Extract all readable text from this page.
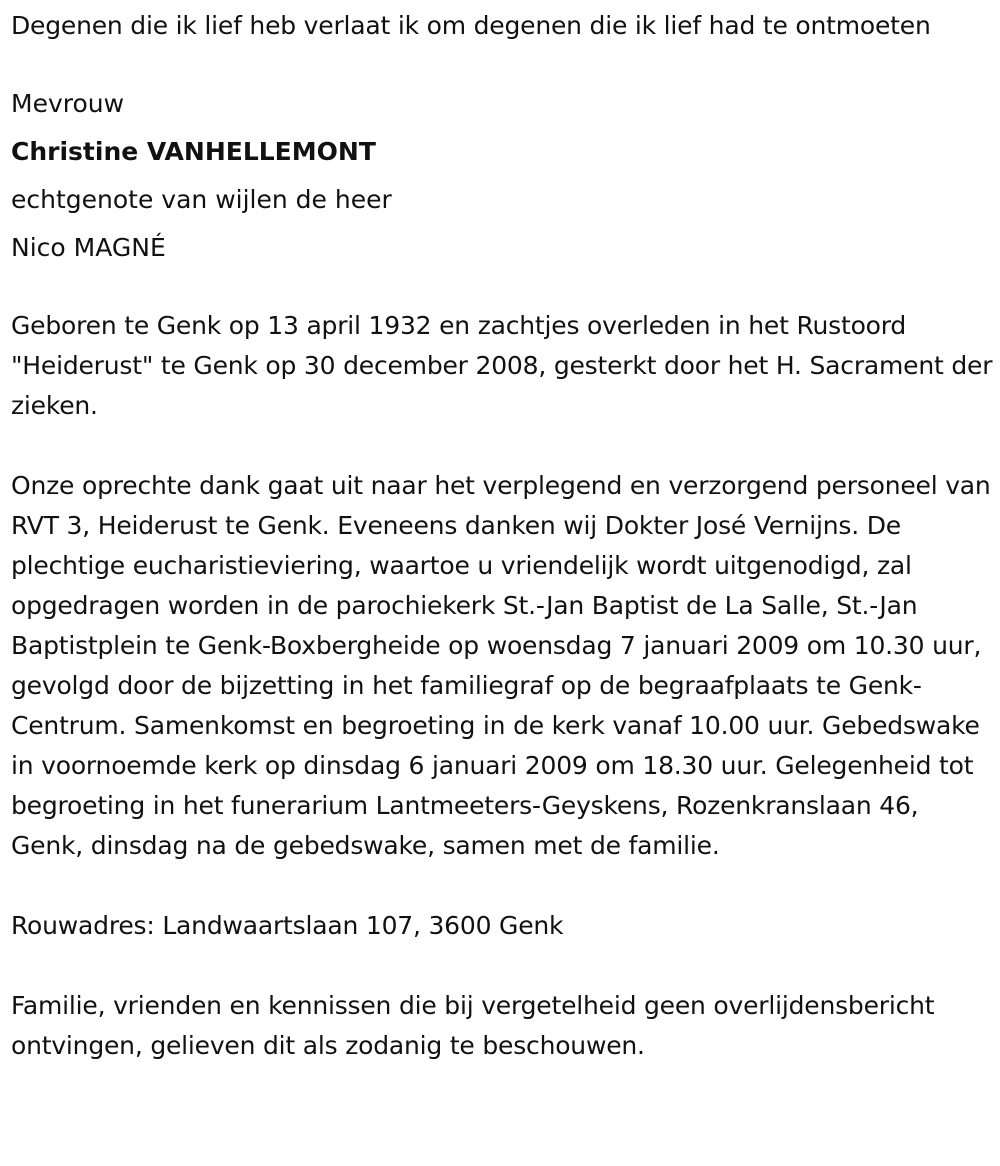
Degenen die ik lief heb verlaat ik om degenen die ik lief had te ontmoeten

Mevrouw

Christine VANHELLEMONT

echtgenote van wijlen de heer

Nico MAGNÉ

Geboren te Genk op 13 april 1932 en zachtjes overleden in het Rustoord "Heiderust" te Genk op 30 december 2008, gesterkt door het H. Sacrament der zieken.

Onze oprechte dank gaat uit naar het verplegend en verzorgend personeel van RVT 3, Heiderust te Genk. Eveneens danken wij Dokter José Vernijns. De plechtige eucharistieviering, waartoe u vriendelijk wordt uitgenodigd, zal opgedragen worden in de parochiekerk St.-Jan Baptist de La Salle, St.-Jan Baptistplein te Genk-Boxbergheide op woensdag 7 januari 2009 om 10.30 uur, gevolgd door de bijzetting in het familiegraf op de begraafplaats te Genk-Centrum. Samenkomst en begroeting in de kerk vanaf 10.00 uur. Gebedswake in voornoemde kerk op dinsdag 6 januari 2009 om 18.30 uur. Gelegenheid tot begroeting in het funerarium Lantmeeters-Geyskens, Rozenkranslaan 46, Genk, dinsdag na de gebedswake, samen met de familie.

Rouwadres: Landwaartslaan 107, 3600 Genk

Familie, vrienden en kennissen die bij vergetelheid geen overlijdensbericht ontvingen, gelieven dit als zodanig te beschouwen.
